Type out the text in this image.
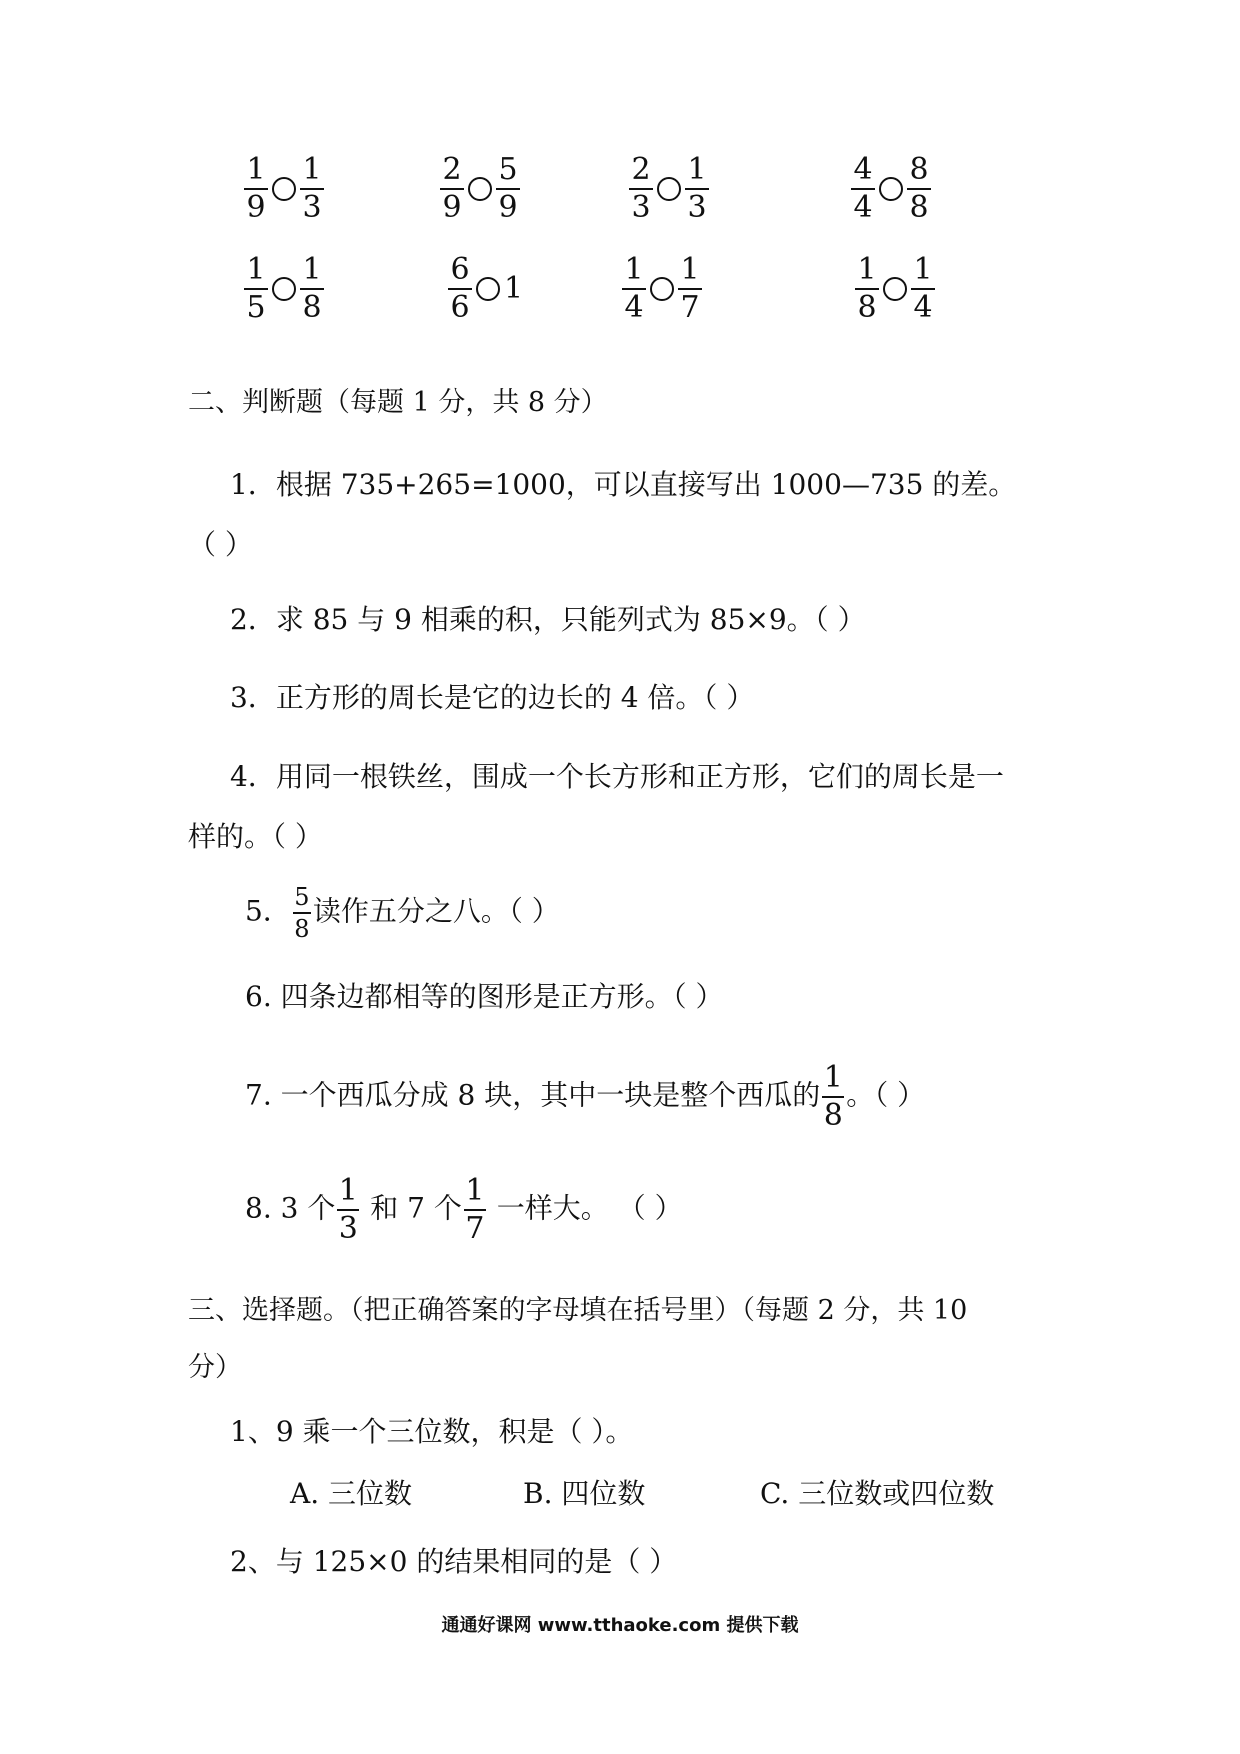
$\frac{1}{9} \frac{1}{3}$	$\frac{2}{9} \frac{5}{9}$	$\frac{2}{3} \frac{1}{3}$	$\frac{4}{4} \frac{8}{8}$
$\frac{1}{5} \frac{1}{8}$	$\frac{6}{6} 1$	$\frac{1}{4} \frac{1}{7}$	$\frac{1}{8} \frac{1}{4}$
二、判断题（每题 1 分，共 8 分）
1．根据 735+265=1000，可以直接写出 1000—735 的差。
（ ）
2．求 85 与 9 相乘的积，只能列式为 85×9。（ ）
3．正方形的周长是它的边长的 4 倍。（ ）
4．用同一根铁丝，围成一个长方形和正方形，它们的周长是一
样的。（ ）
5． $\frac{5}{8}$ 读作五分之八。（ ）
6. 四条边都相等的图形是正方形。（ ）
7. 一个西瓜分成 8 块，其中一块是整个西瓜的 $\frac{1}{8}$ 。（ ）
8. 3 个 $\frac{1}{3}$ 和 7 个 $\frac{1}{7}$ 一样大。 （ ）
三、选择题。（把正确答案的字母填在括号里）（每题 2 分，共 10
分）
1、9 乘一个三位数，积是（ ）。
A. 三位数	B. 四位数	C. 三位数或四位数
2、与 125×0 的结果相同的是（ ）
通通好课网 www.tthaoke.com 提供下载
